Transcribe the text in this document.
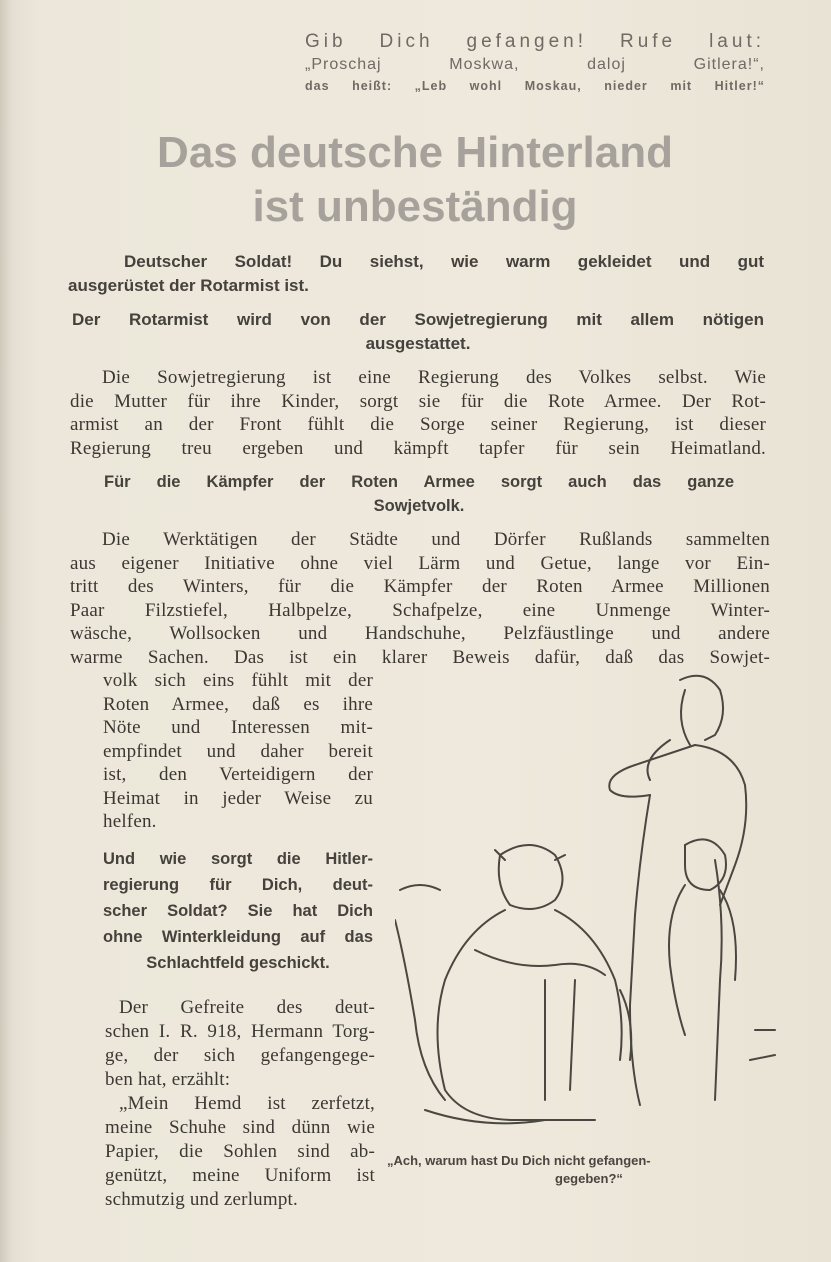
Gib Dich gefangen! Rufe laut:
„Proschaj Moskwa, daloj Gitlera!“,
das heißt: „Leb wohl Moskau, nieder mit Hitler!“
Das deutsche Hinterland
ist unbeständig
Deutscher Soldat! Du siehst, wie warm gekleidet und gut
ausgerüstet der Rotarmist ist.
Der Rotarmist wird von der Sowjetregierung mit allem nötigen
ausgestattet.
Die Sowjetregierung ist eine Regierung des Volkes selbst. Wie
die Mutter für ihre Kinder, sorgt sie für die Rote Armee. Der Rot-
armist an der Front fühlt die Sorge seiner Regierung, ist dieser
Regierung treu ergeben und kämpft tapfer für sein Heimatland.
Für die Kämpfer der Roten Armee sorgt auch das ganze
Sowjetvolk.
Die Werktätigen der Städte und Dörfer Rußlands sammelten
aus eigener Initiative ohne viel Lärm und Getue, lange vor Ein-
tritt des Winters, für die Kämpfer der Roten Armee Millionen
Paar Filzstiefel, Halbpelze, Schafpelze, eine Unmenge Winter-
wäsche, Wollsocken und Handschuhe, Pelzfäustlinge und andere
warme Sachen. Das ist ein klarer Beweis dafür, daß das Sowjet-
volk sich eins fühlt mit der
Roten Armee, daß es ihre
Nöte und Interessen mit-
empfindet und daher bereit
ist, den Verteidigern der
Heimat in jeder Weise zu
helfen.
Und wie sorgt die Hitler-
regierung für Dich, deut-
scher Soldat? Sie hat Dich
ohne Winterkleidung auf das
Schlachtfeld geschickt.
Der Gefreite des deut-
schen I. R. 918, Hermann Torg-
ge, der sich gefangengege-
ben hat, erzählt:
„Mein Hemd ist zerfetzt,
meine Schuhe sind dünn wie
Papier, die Sohlen sind ab-
genützt, meine Uniform ist
schmutzig und zerlumpt.
„Ach, warum hast Du Dich nicht gefangen-
gegeben?“
